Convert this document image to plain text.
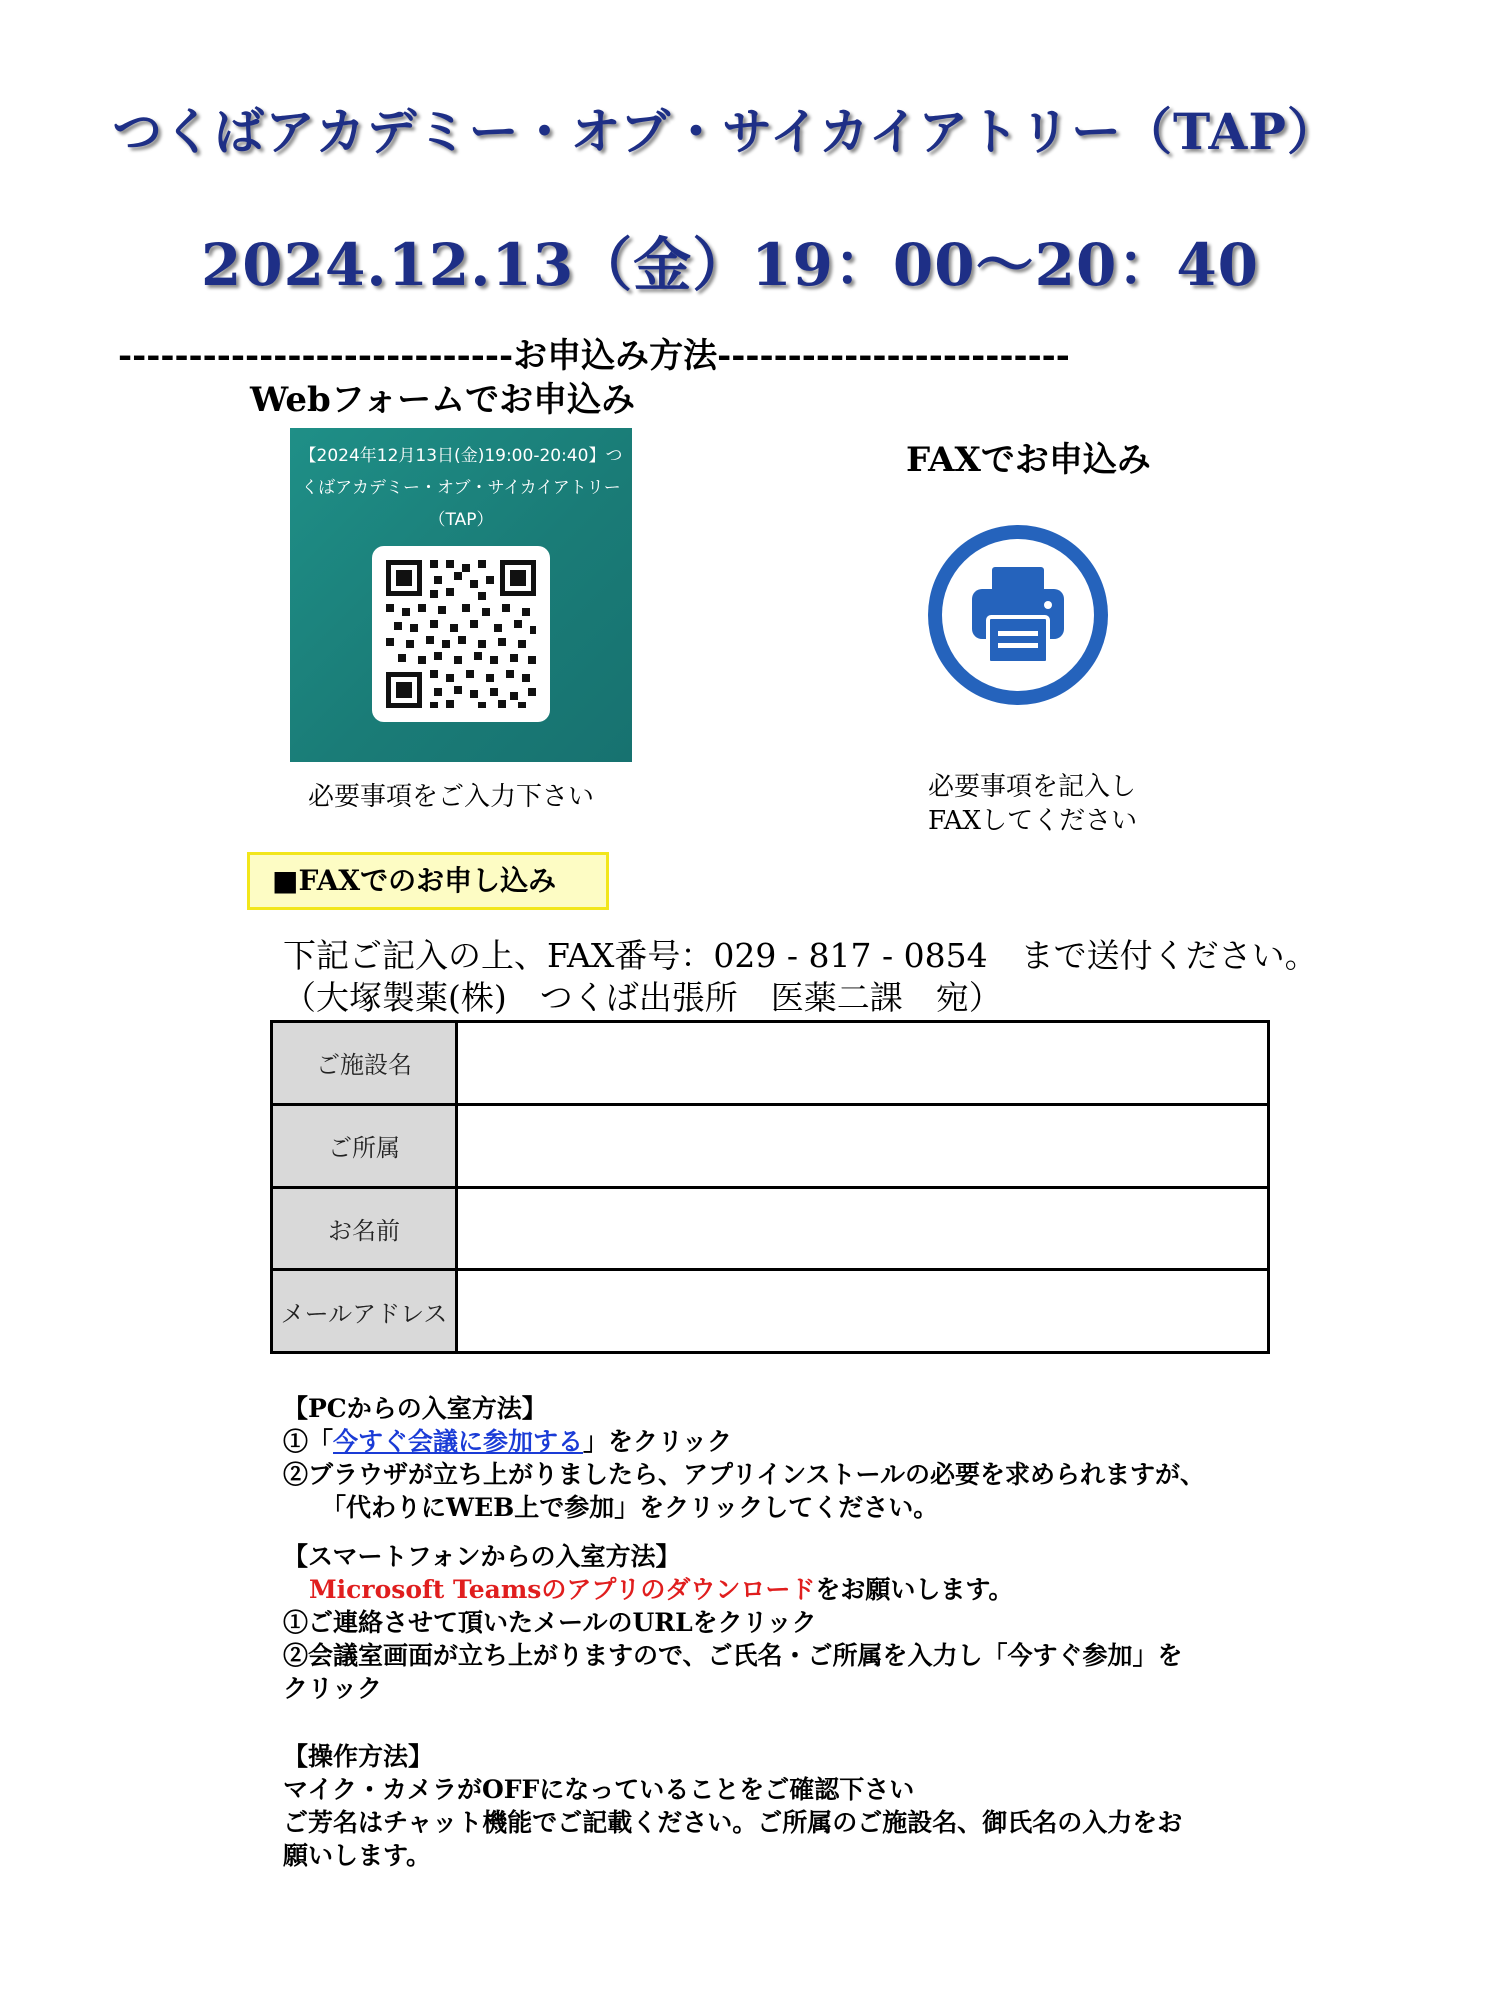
つくばアカデミー・オブ・サイカイアトリー（TAP）
2024.12.13（金）19：00～20：40
----------------------------お申込み方法-------------------------
Webフォームでお申込み
【2024年12月13日(金)19:00-20:40】つ
くばアカデミー・オブ・サイカイアトリー
（TAP）
必要事項をご入力下さい
FAXでお申込み
必要事項を記入し
FAXしてください
■FAXでのお申し込み
下記ご記入の上、FAX番号：029 - 817 - 0854　まで送付ください。
（大塚製薬(株)　つくば出張所　医薬二課　宛）
ご施設名	
ご所属	
お名前	
メールアドレス	
【PCからの入室方法】
①「今すぐ会議に参加する」をクリック
②ブラウザが立ち上がりましたら、アプリインストールの必要を求められますが、
「代わりにWEB上で参加」をクリックしてください。
【スマートフォンからの入室方法】
Microsoft Teamsのアプリのダウンロードをお願いします。
①ご連絡させて頂いたメールのURLをクリック
②会議室画面が立ち上がりますので、ご氏名・ご所属を入力し「今すぐ参加」を
クリック
【操作方法】
マイク・カメラがOFFになっていることをご確認下さい
ご芳名はチャット機能でご記載ください。ご所属のご施設名、御氏名の入力をお
願いします。
